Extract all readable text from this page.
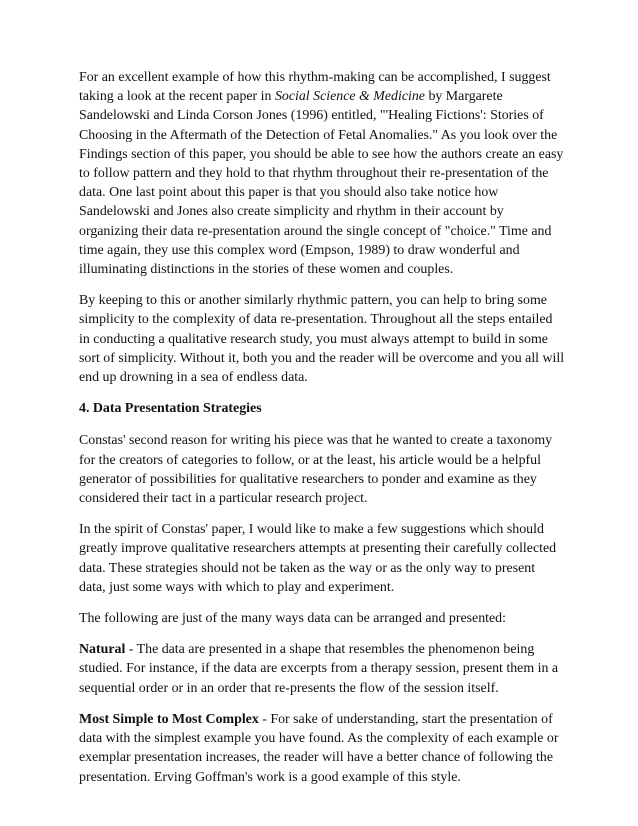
For an excellent example of how this rhythm-making can be accomplished, I suggest taking a look at the recent paper in Social Science & Medicine by Margarete Sandelowski and Linda Corson Jones (1996) entitled, "'Healing Fictions': Stories of Choosing in the Aftermath of the Detection of Fetal Anomalies." As you look over the Findings section of this paper, you should be able to see how the authors create an easy to follow pattern and they hold to that rhythm throughout their re-presentation of the data. One last point about this paper is that you should also take notice how Sandelowski and Jones also create simplicity and rhythm in their account by organizing their data re-presentation around the single concept of "choice." Time and time again, they use this complex word (Empson, 1989) to draw wonderful and illuminating distinctions in the stories of these women and couples.

By keeping to this or another similarly rhythmic pattern, you can help to bring some simplicity to the complexity of data re-presentation. Throughout all the steps entailed in conducting a qualitative research study, you must always attempt to build in some sort of simplicity. Without it, both you and the reader will be overcome and you all will end up drowning in a sea of endless data.

4. Data Presentation Strategies

Constas' second reason for writing his piece was that he wanted to create a taxonomy for the creators of categories to follow, or at the least, his article would be a helpful generator of possibilities for qualitative researchers to ponder and examine as they considered their tact in a particular research project.

In the spirit of Constas' paper, I would like to make a few suggestions which should greatly improve qualitative researchers attempts at presenting their carefully collected data. These strategies should not be taken as the way or as the only way to present data, just some ways with which to play and experiment.

The following are just of the many ways data can be arranged and presented:

Natural - The data are presented in a shape that resembles the phenomenon being studied. For instance, if the data are excerpts from a therapy session, present them in a sequential order or in an order that re-presents the flow of the session itself.

Most Simple to Most Complex - For sake of understanding, start the presentation of data with the simplest example you have found. As the complexity of each example or exemplar presentation increases, the reader will have a better chance of following the presentation. Erving Goffman's work is a good example of this style.
